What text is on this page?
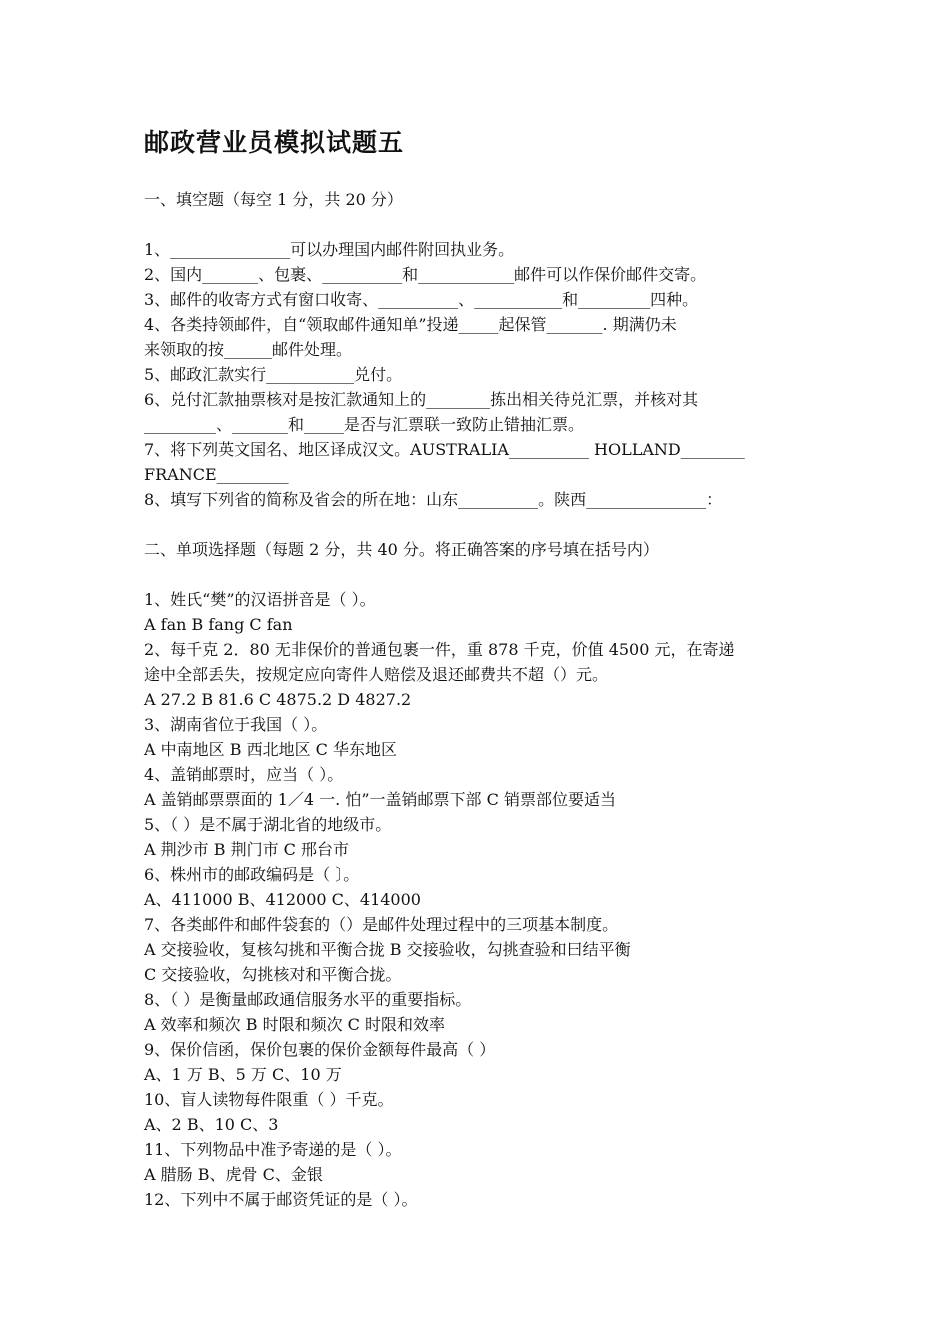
邮政营业员模拟试题五
一、填空题（每空 1 分，共 20 分）
1、_______________可以办理国内邮件附回执业务。
2、国内_______、包裹、__________和____________邮件可以作保价邮件交寄。
3、邮件的收寄方式有窗口收寄、__________、___________和_________四种。
4、各类持领邮件，自“领取邮件通知单”投递_____起保管_______. 期满仍未
来领取的按______邮件处理。
5、邮政汇款实行___________兑付。
6、兑付汇款抽票核对是按汇款通知上的________拣出相关待兑汇票，并核对其
_________、_______和_____是否与汇票联一致防止错抽汇票。
7、将下列英文国名、地区译成汉文。AUSTRALIA__________ HOLLAND________
FRANCE_________
8、填写下列省的简称及省会的所在地：山东__________。陕西_______________：
二、单项选择题（每题 2 分，共 40 分。将正确答案的序号填在括号内）
1、姓氏“樊”的汉语拼音是（ ）。
A fan B fang C fan
2、每千克 2．80 无非保价的普通包裹一件，重 878 千克，价值 4500 元，在寄递
途中全部丢失，按规定应向寄件人赔偿及退还邮费共不超（）元。
A 27.2 B 81.6 C 4875.2 D 4827.2
3、湖南省位于我国（ ）。
A 中南地区 B 西北地区 C 华东地区
4、盖销邮票时，应当（ ）。
A 盖销邮票票面的 1／4 一. 怕”一盖销邮票下部 C 销票部位要适当
5、（ ）是不属于湖北省的地级市。
A 荆沙市 B 荆门市 C 邢台市
6、株州市的邮政编码是（ 〕。
A、411000 B、412000 C、414000
7、各类邮件和邮件袋套的（）是邮件处理过程中的三项基本制度。
A 交接验收，复核勾挑和平衡合拢 B 交接验收，勾挑查验和曰结平衡
C 交接验收，勾挑核对和平衡合拢。
8、（ ）是衡量邮政通信服务水平的重要指标。
A 效率和频次 B 时限和频次 C 时限和效率
9、保价信函，保价包裹的保价金额每件最高（ ）
A、1 万 B、5 万 C、10 万
10、盲人读物每件限重（ ）千克。
A、2 B、10 C、3
11、下列物品中准予寄递的是（ ）。
A 腊肠 B、虎骨 C、金银
12、下列中不属于邮资凭证的是（ ）。
